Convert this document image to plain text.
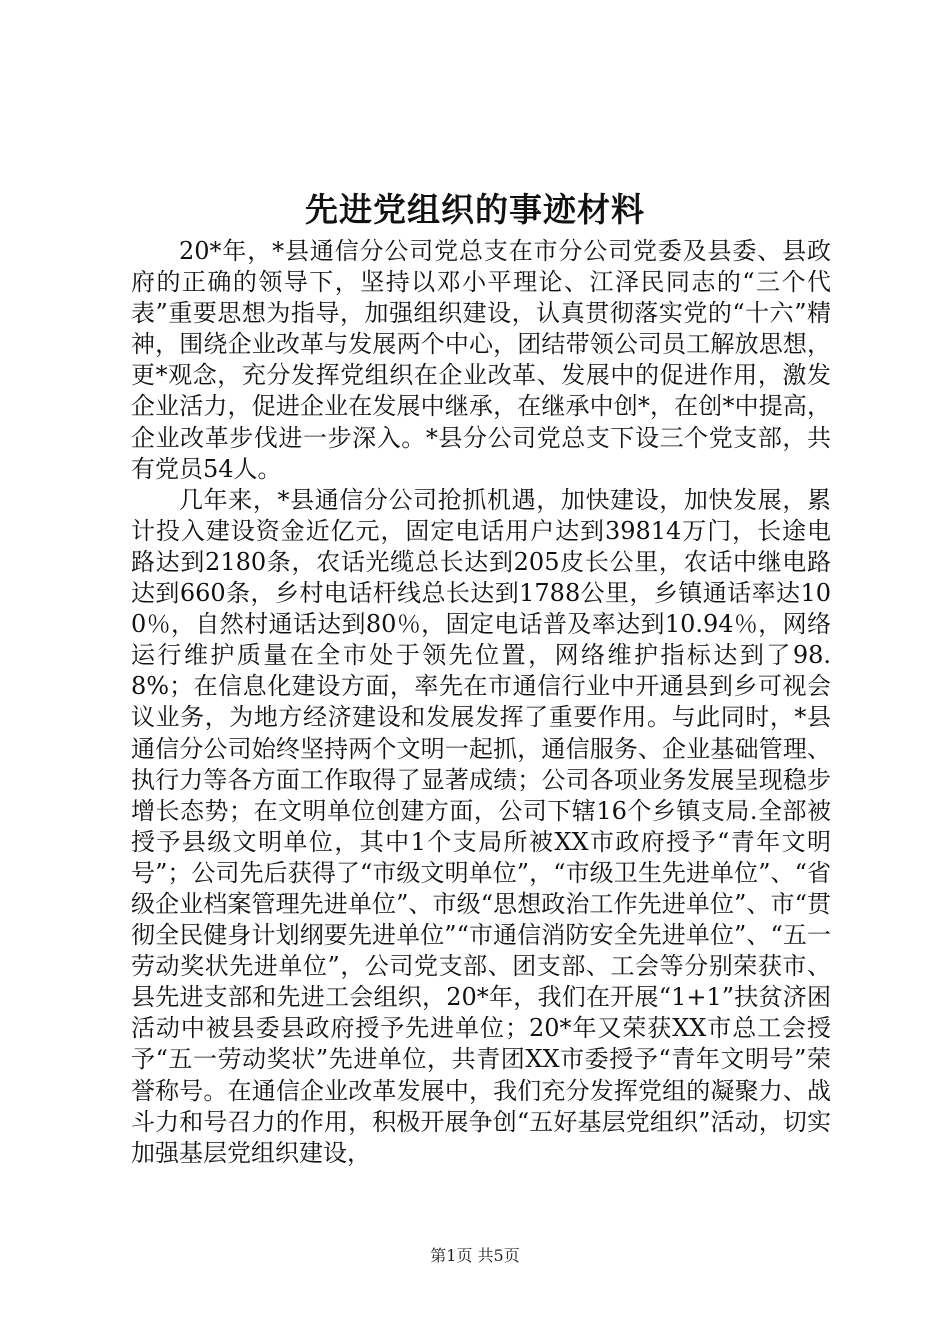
先进党组织的事迹材料

20*年，*县通信分公司党总支在市分公司党委及县委、县政府的正确的领导下，坚持以邓小平理论、江泽民同志的“三个代表”重要思想为指导，加强组织建设，认真贯彻落实党的“十六”精神，围绕企业改革与发展两个中心，团结带领公司员工解放思想，更*观念，充分发挥党组织在企业改革、发展中的促进作用，激发企业活力，促进企业在发展中继承，在继承中创*，在创*中提高，企业改革步伐进一步深入。*县分公司党总支下设三个党支部，共有党员54人。

几年来，*县通信分公司抢抓机遇，加快建设，加快发展，累计投入建设资金近亿元，固定电话用户达到39814万门，长途电路达到2180条，农话光缆总长达到205皮长公里，农话中继电路达到660条，乡村电话杆线总长达到1788公里，乡镇通话率达100％，自然村通话达到80％，固定电话普及率达到10.94％，网络运行维护质量在全市处于领先位置，网络维护指标达到了98.8%；在信息化建设方面，率先在市通信行业中开通县到乡可视会议业务，为地方经济建设和发展发挥了重要作用。与此同时，*县通信分公司始终坚持两个文明一起抓，通信服务、企业基础管理、执行力等各方面工作取得了显著成绩；公司各项业务发展呈现稳步增长态势；在文明单位创建方面，公司下辖16个乡镇支局.全部被授予县级文明单位，其中1个支局所被XX市政府授予“青年文明号”；公司先后获得了“市级文明单位”，“市级卫生先进单位”、“省级企业档案管理先进单位”、市级“思想政治工作先进单位”、市“贯彻全民健身计划纲要先进单位”“市通信消防安全先进单位”、“五一劳动奖状先进单位”，公司党支部、团支部、工会等分别荣获市、县先进支部和先进工会组织，20*年，我们在开展“1+1”扶贫济困活动中被县委县政府授予先进单位；20*年又荣获XX市总工会授予“五一劳动奖状”先进单位，共青团XX市委授予“青年文明号”荣誉称号。在通信企业改革发展中，我们充分发挥党组的凝聚力、战斗力和号召力的作用，积极开展争创“五好基层党组织”活动，切实加强基层党组织建设，

第1页 共5页
